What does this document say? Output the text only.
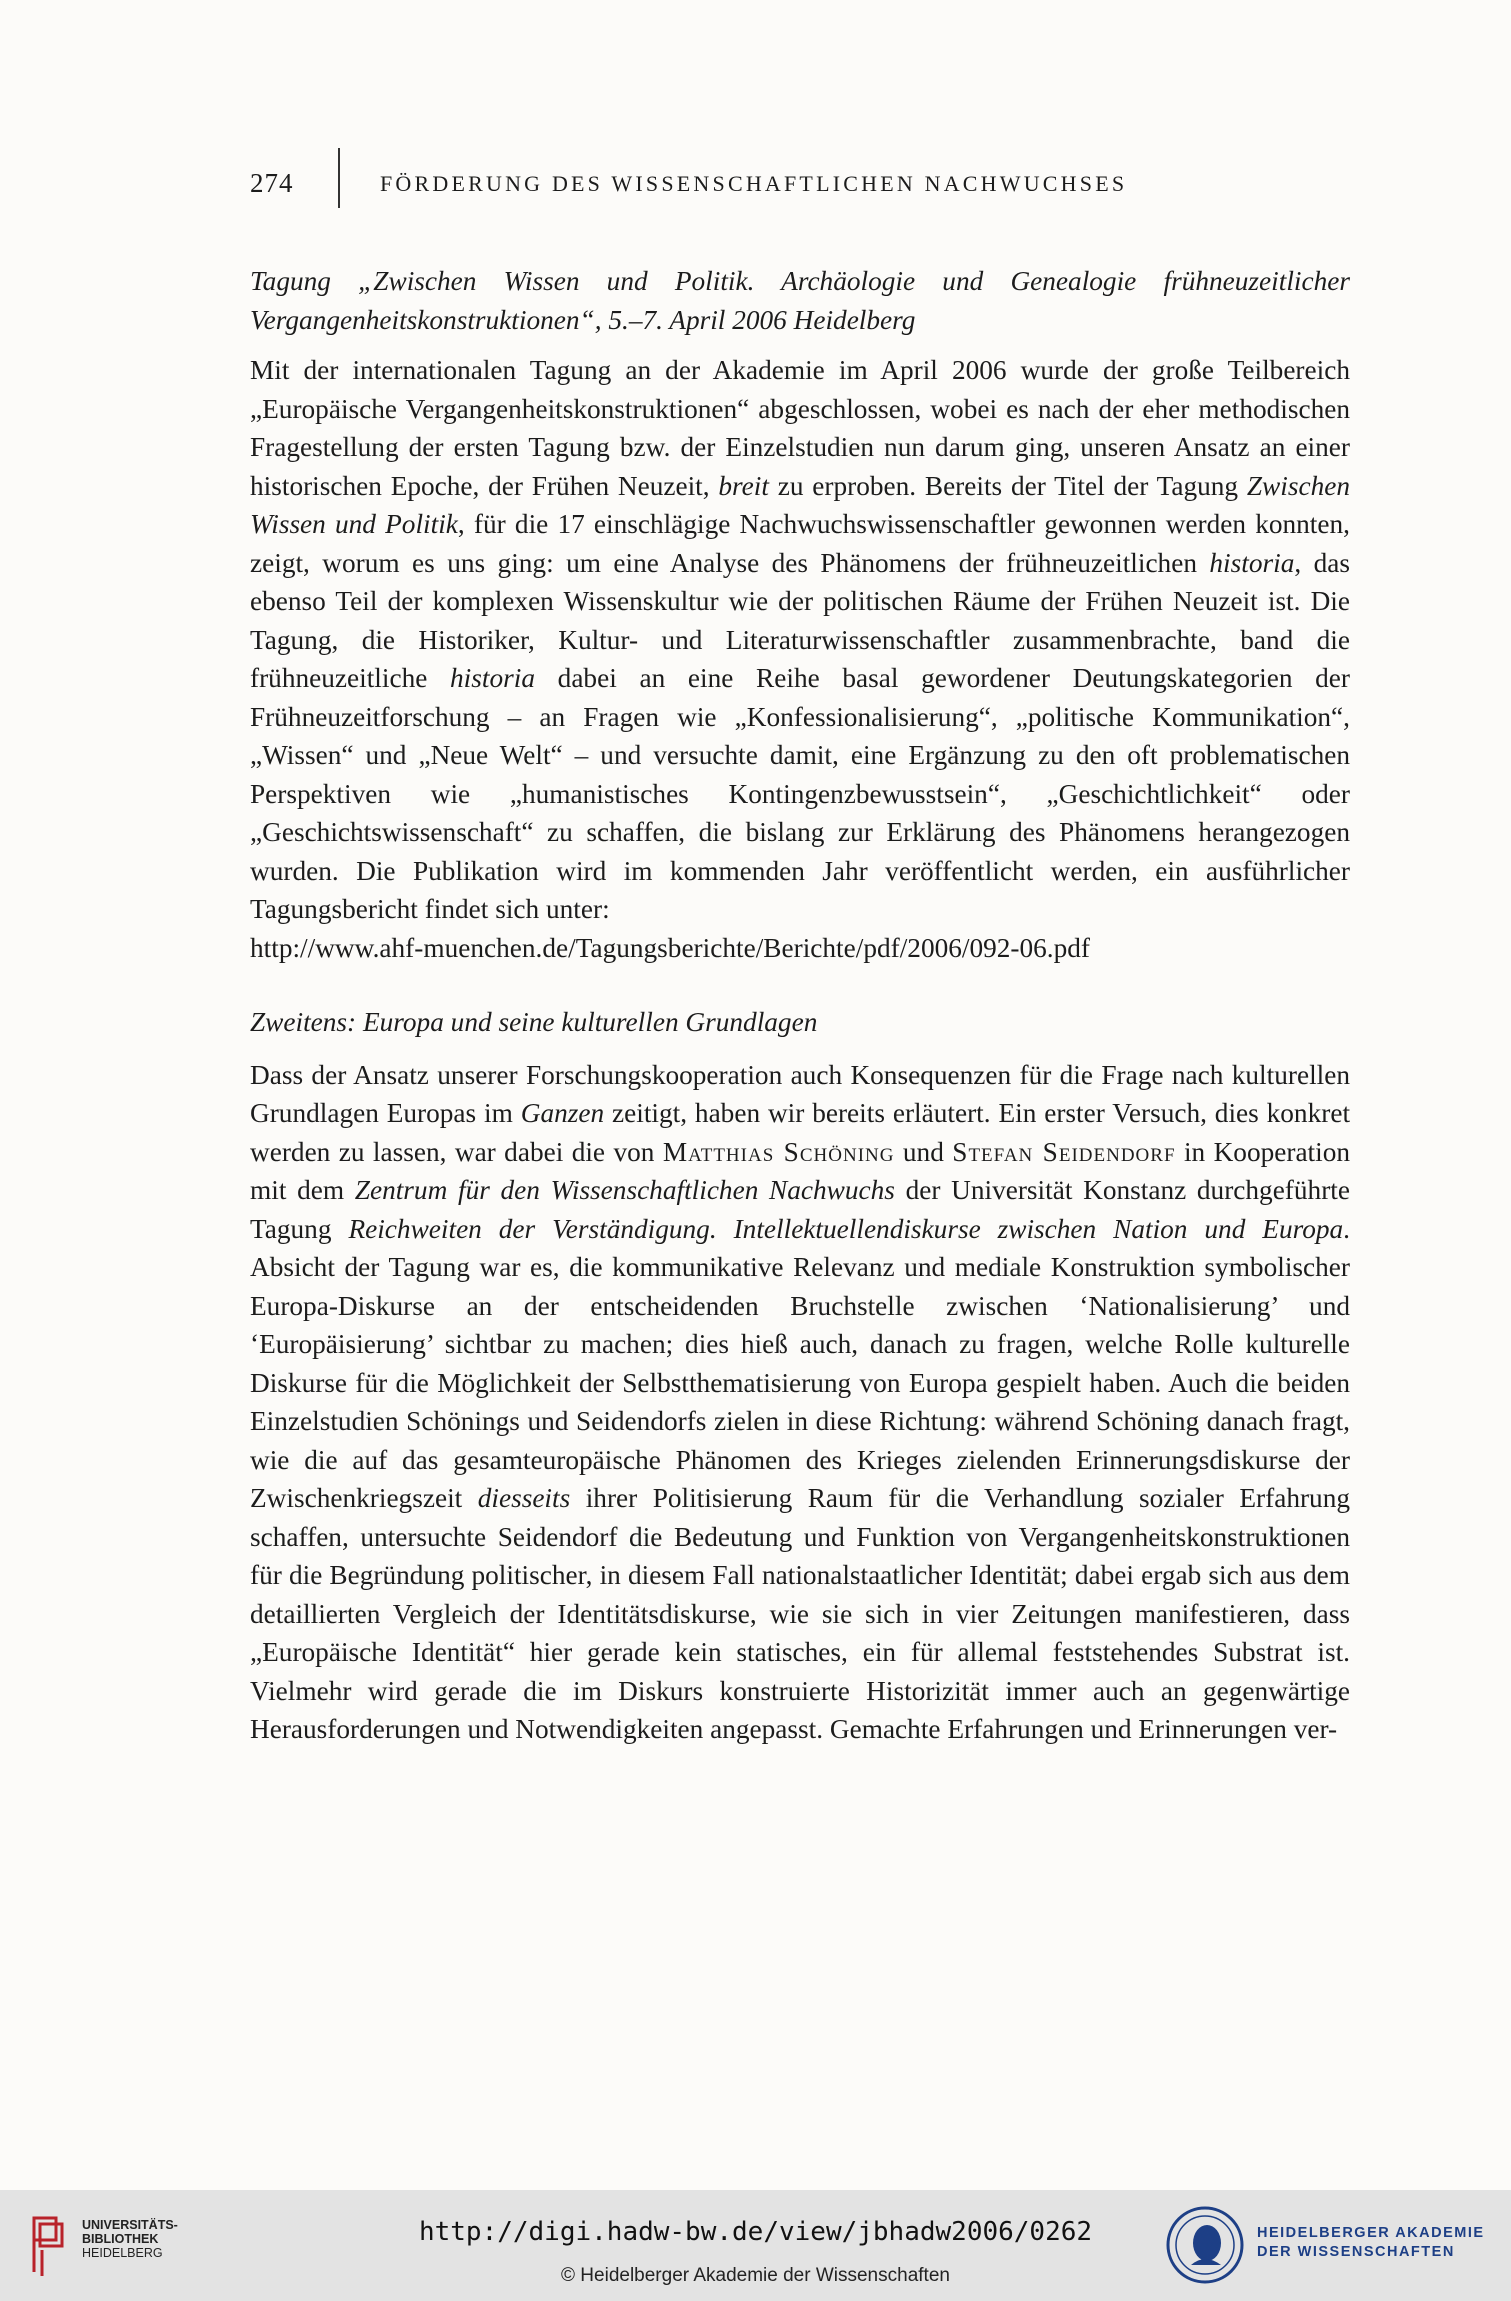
274	FÖRDERUNG DES WISSENSCHAFTLICHEN NACHWUCHSES

Tagung „Zwischen Wissen und Politik. Archäologie und Genealogie frühneuzeitlicher Vergangenheitskonstruktionen“, 5.–7. April 2006 Heidelberg

Mit der internationalen Tagung an der Akademie im April 2006 wurde der große Teilbereich „Europäische Vergangenheitskonstruktionen“ abgeschlossen, wobei es nach der eher methodischen Fragestellung der ersten Tagung bzw. der Einzelstudien nun darum ging, unseren Ansatz an einer historischen Epoche, der Frühen Neuzeit, breit zu erproben. Bereits der Titel der Tagung Zwischen Wissen und Politik, für die 17 einschlägige Nachwuchswissenschaftler gewonnen werden konnten, zeigt, worum es uns ging: um eine Analyse des Phänomens der frühneuzeitlichen historia, das ebenso Teil der komplexen Wissenskultur wie der politischen Räume der Frühen Neuzeit ist. Die Tagung, die Historiker, Kultur- und Literaturwissenschaftler zusammenbrachte, band die frühneuzeitliche historia dabei an eine Reihe basal gewordener Deutungskategorien der Frühneuzeitforschung – an Fragen wie „Konfessionalisierung“, „politische Kommunikation“, „Wissen“ und „Neue Welt“ – und versuchte damit, eine Ergänzung zu den oft problematischen Perspektiven wie „humanistisches Kontingenzbewusstsein“, „Geschichtlichkeit“ oder „Geschichtswissenschaft“ zu schaffen, die bislang zur Erklärung des Phänomens herangezogen wurden. Die Publikation wird im kommenden Jahr veröffentlicht werden, ein ausführlicher Tagungsbericht findet sich unter:

http://www.ahf-muenchen.de/Tagungsberichte/Berichte/pdf/2006/092-06.pdf

Zweitens: Europa und seine kulturellen Grundlagen

Dass der Ansatz unserer Forschungskooperation auch Konsequenzen für die Frage nach kulturellen Grundlagen Europas im Ganzen zeitigt, haben wir bereits erläutert. Ein erster Versuch, dies konkret werden zu lassen, war dabei die von Matthias Schöning und Stefan Seidendorf in Kooperation mit dem Zentrum für den Wissenschaftlichen Nachwuchs der Universität Konstanz durchgeführte Tagung Reichweiten der Verständigung. Intellektuellendiskurse zwischen Nation und Europa. Absicht der Tagung war es, die kommunikative Relevanz und mediale Konstruktion symbolischer Europa-Diskurse an der entscheidenden Bruchstelle zwischen ‘Nationalisierung’ und ‘Europäisierung’ sichtbar zu machen; dies hieß auch, danach zu fragen, welche Rolle kulturelle Diskurse für die Möglichkeit der Selbstthematisierung von Europa gespielt haben. Auch die beiden Einzelstudien Schönings und Seidendorfs zielen in diese Richtung: während Schöning danach fragt, wie die auf das gesamteuropäische Phänomen des Krieges zielenden Erinnerungsdiskurse der Zwischenkriegszeit diesseits ihrer Politisierung Raum für die Verhandlung sozialer Erfahrung schaffen, untersuchte Seidendorf die Bedeutung und Funktion von Vergangenheitskonstruktionen für die Begründung politischer, in diesem Fall nationalstaatlicher Identität; dabei ergab sich aus dem detaillierten Vergleich der Identitätsdiskurse, wie sie sich in vier Zeitungen manifestieren, dass „Europäische Identität“ hier gerade kein statisches, ein für allemal feststehendes Substrat ist. Vielmehr wird gerade die im Diskurs konstruierte Historizität immer auch an gegenwärtige Herausforderungen und Notwendigkeiten angepasst. Gemachte Erfahrungen und Erinnerungen ver-

UNIVERSITÄTS-
BIBLIOTHEK
HEIDELBERG
http://digi.hadw-bw.de/view/jbhadw2006/0262
© Heidelberger Akademie der Wissenschaften
HEIDELBERGER AKADEMIE
DER WISSENSCHAFTEN
